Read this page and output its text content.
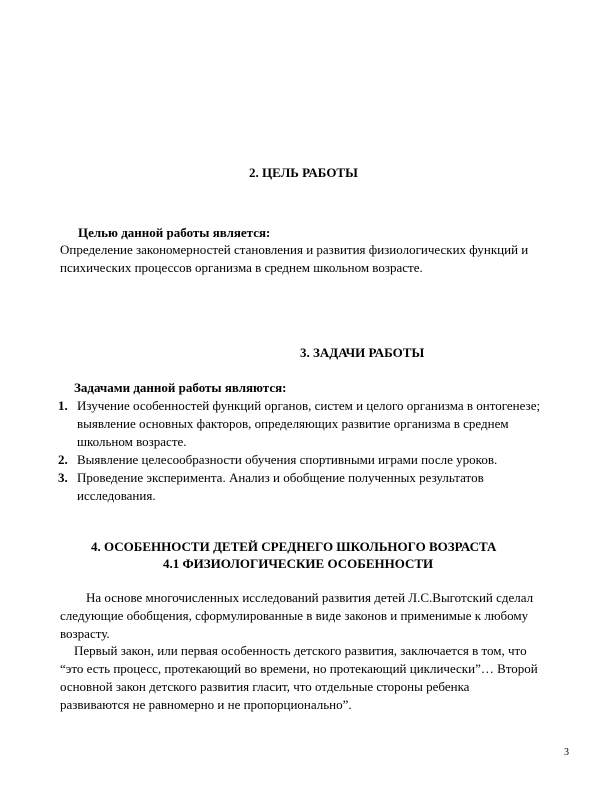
2. ЦЕЛЬ РАБОТЫ
Целью данной работы является:
Определение закономерностей становления и развития физиологических функций и
психических процессов организма в среднем школьном возрасте.
3. ЗАДАЧИ РАБОТЫ
Задачами данной работы являются:
1. Изучение особенностей функций органов, систем и целого организма в онтогенезе;
выявление основных факторов, определяющих развитие организма в среднем
школьном возрасте.
2. Выявление целесообразности обучения спортивными играми после уроков.
3. Проведение эксперимента. Анализ и обобщение полученных результатов
исследования.
4. ОСОБЕННОСТИ ДЕТЕЙ СРЕДНЕГО ШКОЛЬНОГО ВОЗРАСТА
4.1 ФИЗИОЛОГИЧЕСКИЕ ОСОБЕННОСТИ
На основе многочисленных исследований развития детей Л.С.Выготский сделал
следующие обобщения, сформулированные в виде законов и применимые к любому
возрасту.
Первый закон, или первая особенность детского развития, заключается в том, что
“это есть процесс, протекающий во времени, но протекающий циклически”… Второй
основной закон детского развития гласит, что отдельные стороны ребенка
развиваются не равномерно и не пропорционально”.
3
